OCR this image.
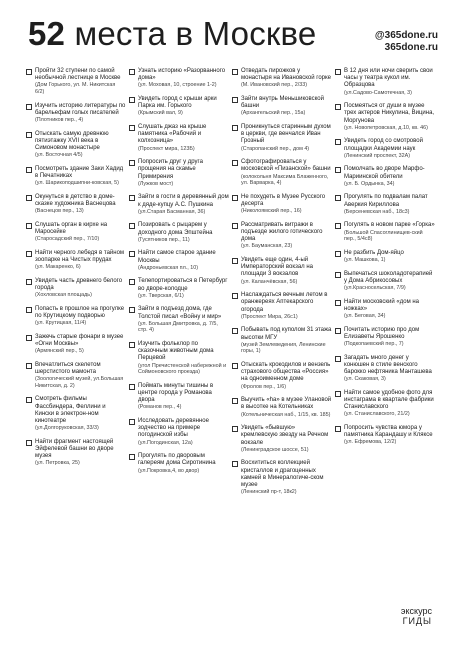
52 места в Москве	@365done.ru
365done.ru
Пройти 32 ступени по самой необычной лестнице в Москве
(Дом Горького, ул. М. Никитская 6/2)
Изучить историю литературы по барельефам голых писателей
(Плотников пер., 4)
Отыскать самую древнюю пятиэтажку XVII века в Симоновом монастыре
(ул. Восточная 4/5)
Посмотреть здание Заки Хадид в Печатниках
(ул. Шарикоподшипни-ковская, 5)
Окунуться в детство в доме-сказке художника Васнецова
(Васнецов пер., 13)
Слушать орган в кирхе на Маросейке
(Старосадский пер., 7/10)
Найти черного лебедя в тайном зоопарке на Чистых прудах
(ул. Макаренко, 6)
Увидеть часть древнего белого города
(Хохловская площадь)
Попасть в прошлое на прогулке по Крутицкому подворью
(ул. Крутицкая, 11/4)
Зажечь старые фонари в музее «Огни Москвы»
(Армянский пер., 5)
Впечатлиться скелетом шерстистого мамонта
(Зоологический музей, ул.Большая Никитская, д. 2)
Смотреть фильмы Фассбиндера, Феллини и Кински в электрон-ном кинотеатре
(ул.Долгоруковская, 33/3)
Найти фрагмент настоящей Эйфелевой башни во дворе музея
(ул. Петровка, 25)
Узнать историю «Разорванного дома»
(ул. Моховая, 10, строение 1-2)
Увидеть город с крыши арки Парка им. Горького
(Крымский вал, 9)
Слушать джаз на крыше памятника «Рабочий и колхозница»
(Проспект мира, 123Б)
Попросить друг у друга прощения на скамье Примирения
(Лужков мост)
Зайти в гости в деревянный дом к дяде-купцу А.С. Пушкина
(ул.Старая Басманная, 36)
Позировать с рыцарем у доходного дома Эпштейна
(Гусятников пер., 11)
Найти самое старое здание Москвы
(Андроньевская пл., 10)
Телепортироваться в Петербург во дворе-колодце
(ул. Тверская, 6/1)
Зайти в подъезд дома, где Толстой писал «Войну и мир»
(ул. Большая Дмитровка, д. 7/5, стр. 4)
Изучить фольклор по сказочным животным дома Перцевой
(угол Пречистенской набережной и Соймоновского проезда)
Поймать минуты тишины в центре города у Романова двора
(Романов пер., 4)
Исследовать деревянное зодчество на примере погодинской избы
(ул.Погодинская, 12а)
Прогулять по дворовым галереям дома Сиротинина
(ул.Покровка,4, во двор)
Отведать пирожков у монастыря на Ивановской горке
(М. Ивановский пер., 2/33)
Зайти внутрь Меньшиковской башни
(Архангельский пер., 15а)
Проникнуться старинным духом в церкви, где венчался Иван Грозный
(Старопанский пер., дом 4)
Сфотографироваться у московской «Пизанской» башни
(колокольня Максима Блаженного, ул. Варварка, 4)
Не похудеть в Музее Русского десерта
(Hиколоямский пер., 16)
Рассматривать витражи в подъезде жилого готического дома
(ул. Бауманская, 23)
Увидеть еще один, 4-ый Императорский вокзал на площади 3 вокзалов
(ул. Каланчёвская, 56)
Наслаждаться вечным летом в оранжереях Аптекарского огорода
(Проспект Мира, 26с1)
Побывать под куполом 31 этажа высотки МГУ
(музей Землеведения, Ленинские горы, 1)
Отыскать крокодилов и вензель страхового общества «Россия» на одноименном доме
(Фролов пер., 1/6)
Выучить «ha» в музее Улановой в высотке на Котельниках
(Котельническая наб., 1/15, кв. 185)
Увидеть «бывшую» кремлевскую звезду на Речном вокзале
(Ленинградское шоссе, 51)
Восхититься коллекцией кристаллов и драгоценных камней в Минералогиче-ском музее
(Ленинский пр-т, 18к2)
В 12 дня или ночи сверить свои часы у театра кукол им. Образцова
(ул.Садово-Самотечная, 3)
Посмеяться от души в музее трех актеров Никулина, Вицина, Моргунова
(ул. Новопетровская, д.10, кв. 46)
Увидеть город со смотровой площадки Академии наук
(Ленинский проспект, 32А)
Помолчать во дворе Марфо-Мариинской обители
(ул. Б. Ордынка, 34)
Прогулять по подвалам палат Аверкия Кириллова
(Берсеневская наб., 18с3)
Погулять в новом парке «Горка»
(Большой Спасоглинищев-ский пер., 5/4с8)
Не разбить Дом-яйцо
(ул. Машкова, 1)
Выпечаться шоколадотерапией у Дома Абрикосовых
(ул.Красносельская, 7/9)
Найти московский «дом на ножках»
(ул. Беговая, 34)
Почитать историю про дом Елизаветы Ярошенко
(Подкопаевский пер., 7)
Загадать много денег у конюшен в стиле венского барокко нефтяника Манташева
(ул. Скаковая, 3)
Найти самое удобное фото для инстаграма в квартале фабрики Станиславского
(ул. Станиславского, 21/2)
Попросить чувства юмора у памятника Карандашу и Кляксе
(ул. Ефремова, 12/2)
экскурс
ГИДЫ
